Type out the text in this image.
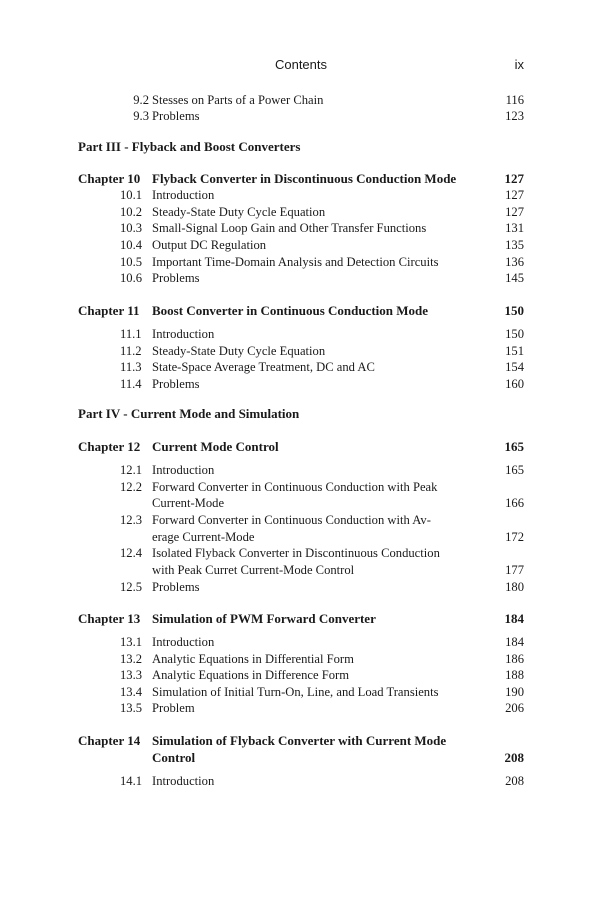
Contents	ix
9.2 Stesses on Parts of a Power Chain	116
9.3 Problems	123
Part III - Flyback and Boost Converters
Chapter 10 Flyback Converter in Discontinuous Conduction Mode	127
10.1 Introduction	127
10.2 Steady-State Duty Cycle Equation	127
10.3 Small-Signal Loop Gain and Other Transfer Functions	131
10.4 Output DC Regulation	135
10.5 Important Time-Domain Analysis and Detection Circuits	136
10.6 Problems	145
Chapter 11 Boost Converter in Continuous Conduction Mode	150
11.1 Introduction	150
11.2 Steady-State Duty Cycle Equation	151
11.3 State-Space Average Treatment, DC and AC	154
11.4 Problems	160
Part IV - Current Mode and Simulation
Chapter 12 Current Mode Control	165
12.1 Introduction	165
12.2 Forward Converter in Continuous Conduction with Peak
Current-Mode	166
12.3 Forward Converter in Continuous Conduction with Av-
erage Current-Mode	172
12.4 Isolated Flyback Converter in Discontinuous Conduction
with Peak Curret Current-Mode Control	177
12.5 Problems	180
Chapter 13 Simulation of PWM Forward Converter	184
13.1 Introduction	184
13.2 Analytic Equations in Differential Form	186
13.3 Analytic Equations in Difference Form	188
13.4 Simulation of Initial Turn-On, Line, and Load Transients	190
13.5 Problem	206
Chapter 14 Simulation of Flyback Converter with Current Mode
Control	208
14.1 Introduction	208
